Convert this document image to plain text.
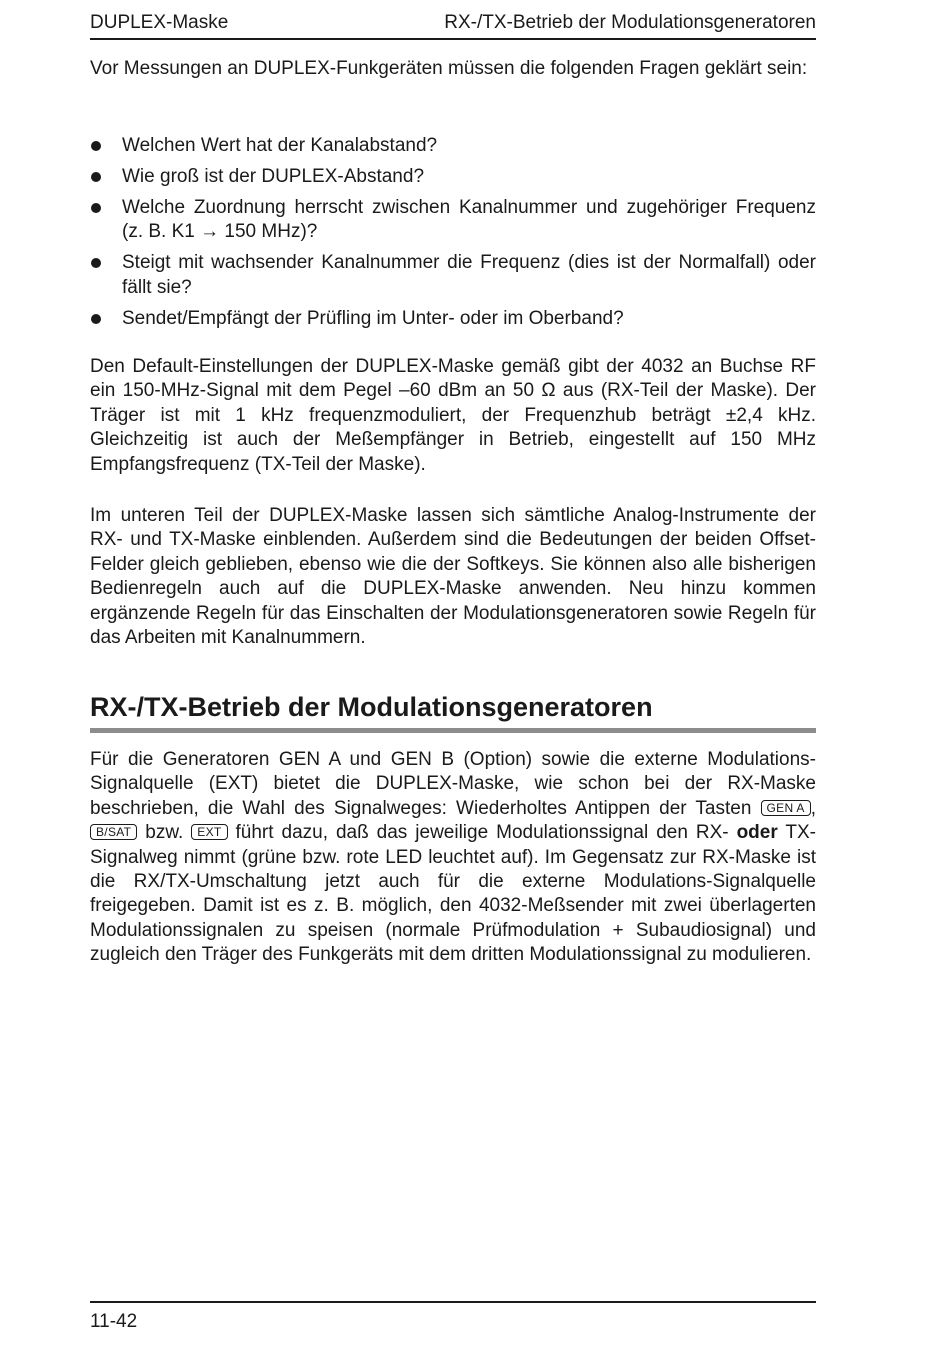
DUPLEX-Maske	RX-/TX-Betrieb der Modulationsgeneratoren

Vor Messungen an DUPLEX-Funkgeräten müssen die folgenden Fragen geklärt sein:

Welchen Wert hat der Kanalabstand?
Wie groß ist der DUPLEX-Abstand?
Welche Zuordnung herrscht zwischen Kanalnummer und zugehöriger Frequenz (z. B. K1 → 150 MHz)?
Steigt mit wachsender Kanalnummer die Frequenz (dies ist der Normalfall) oder fällt sie?
Sendet/Empfängt der Prüfling im Unter- oder im Oberband?

Den Default-Einstellungen der DUPLEX-Maske gemäß gibt der 4032 an Buchse RF ein 150-MHz-Signal mit dem Pegel –60 dBm an 50 Ω aus (RX-Teil der Maske). Der Träger ist mit 1 kHz frequenzmoduliert, der Frequenzhub beträgt ±2,4 kHz. Gleichzeitig ist auch der Meßempfänger in Betrieb, eingestellt auf 150 MHz Empfangsfrequenz (TX-Teil der Maske).

Im unteren Teil der DUPLEX-Maske lassen sich sämtliche Analog-Instrumente der RX- und TX-Maske einblenden. Außerdem sind die Bedeutungen der beiden Offset-Felder gleich geblieben, ebenso wie die der Softkeys. Sie können also alle bisherigen Bedienregeln auch auf die DUPLEX-Maske anwenden. Neu hinzu kommen ergänzende Regeln für das Einschalten der Modulationsgeneratoren sowie Regeln für das Arbeiten mit Kanalnummern.

RX-/TX-Betrieb der Modulationsgeneratoren

Für die Generatoren GEN A und GEN B (Option) sowie die externe Modulations-Signalquelle (EXT) bietet die DUPLEX-Maske, wie schon bei der RX-Maske beschrieben, die Wahl des Signalweges: Wiederholtes Antippen der Tasten GEN A , B/SAT bzw. EXT führt dazu, daß das jeweilige Modulationssignal den RX- oder TX-Signalweg nimmt (grüne bzw. rote LED leuchtet auf). Im Gegensatz zur RX-Maske ist die RX/TX-Umschaltung jetzt auch für die externe Modulations-Signalquelle freigegeben. Damit ist es z. B. möglich, den 4032-Meßsender mit zwei überlagerten Modulationssignalen zu speisen (normale Prüfmodulation + Subaudiosignal) und zugleich den Träger des Funkgeräts mit dem dritten Modulationssignal zu modulieren.

11-42
